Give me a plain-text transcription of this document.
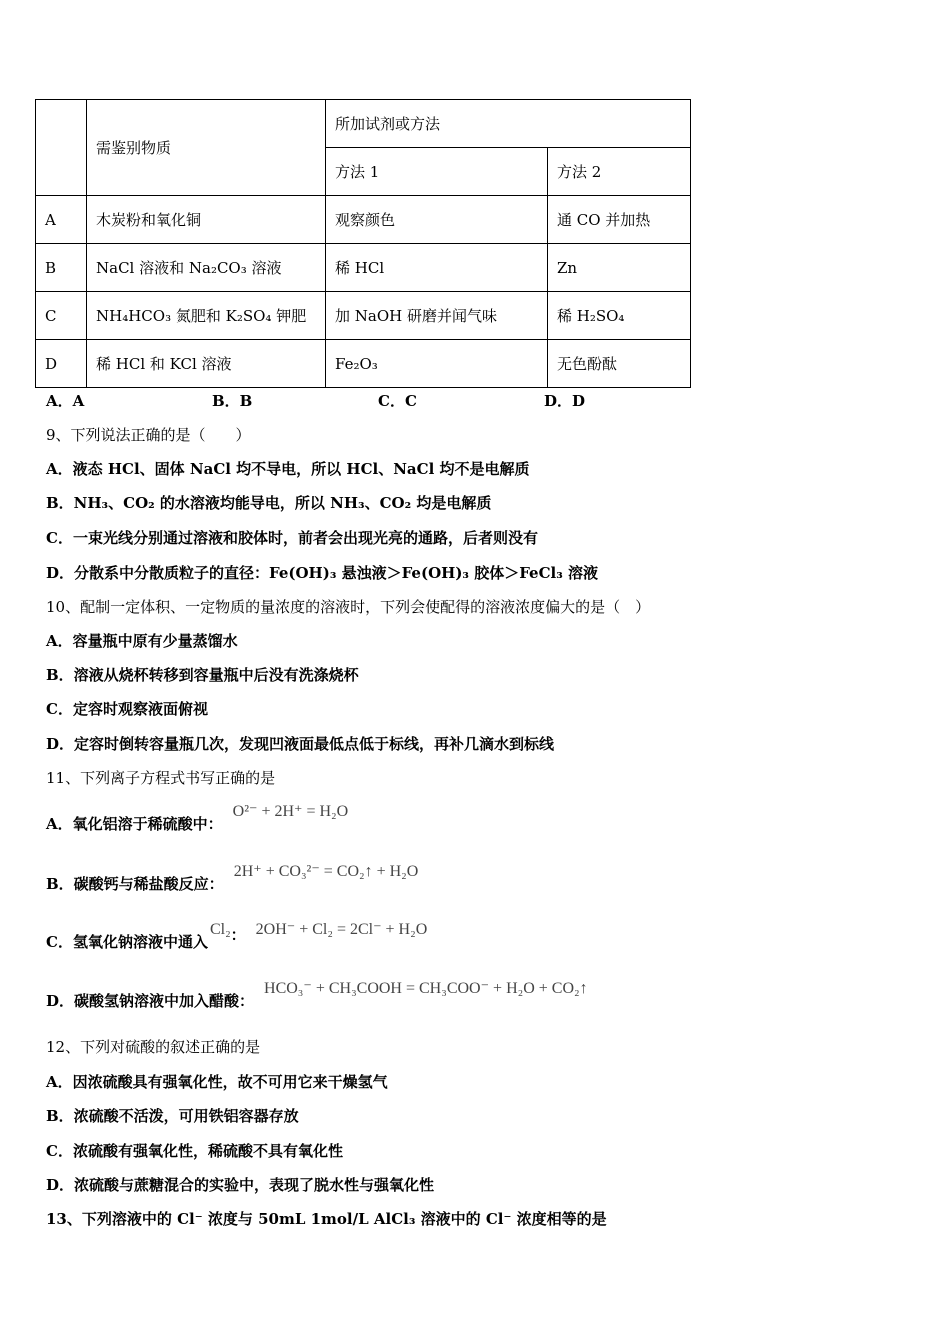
	需鉴别物质	所加试剂或方法	
		方法 1	方法 2
A	木炭粉和氧化铜	观察颜色	通 CO 并加热
B	NaCl 溶液和 Na₂CO₃ 溶液	稀 HCl	Zn
C	NH₄HCO₃ 氮肥和 K₂SO₄ 钾肥	加 NaOH 研磨并闻气味	稀 H₂SO₄
D	稀 HCl 和 KCl 溶液	Fe₂O₃	无色酚酞
A．A	B．B	C．C	D．D
9、下列说法正确的是（　　）
A．液态 HCl、固体 NaCl 均不导电，所以 HCl、NaCl 均不是电解质
B．NH₃、CO₂ 的水溶液均能导电，所以 NH₃、CO₂ 均是电解质
C．一束光线分别通过溶液和胶体时，前者会出现光亮的通路，后者则没有
D．分散系中分散质粒子的直径：Fe(OH)₃ 悬浊液＞Fe(OH)₃ 胶体＞FeCl₃ 溶液
10、配制一定体积、一定物质的量浓度的溶液时，下列会使配得的溶液浓度偏大的是（　）
A．容量瓶中原有少量蒸馏水
B．溶液从烧杯转移到容量瓶中后没有洗涤烧杯
C．定容时观察液面俯视
D．定容时倒转容量瓶几次，发现凹液面最低点低于标线，再补几滴水到标线
11、下列离子方程式书写正确的是
A．氧化铝溶于稀硫酸中：O²⁻ + 2H⁺ = H₂O
B．碳酸钙与稀盐酸反应：2H⁺ + CO₃²⁻ = CO₂↑ + H₂O
C．氢氧化钠溶液中通入Cl₂： 2OH⁻ + Cl₂ = 2Cl⁻ + H₂O
D．碳酸氢钠溶液中加入醋酸：HCO₃⁻ + CH₃COOH = CH₃COO⁻ + H₂O + CO₂↑
12、下列对硫酸的叙述正确的是
A．因浓硫酸具有强氧化性，故不可用它来干燥氢气
B．浓硫酸不活泼，可用铁铝容器存放
C．浓硫酸有强氧化性，稀硫酸不具有氧化性
D．浓硫酸与蔗糖混合的实验中，表现了脱水性与强氧化性
13、下列溶液中的 Cl⁻ 浓度与 50mL 1mol/L AlCl₃ 溶液中的 Cl⁻ 浓度相等的是
